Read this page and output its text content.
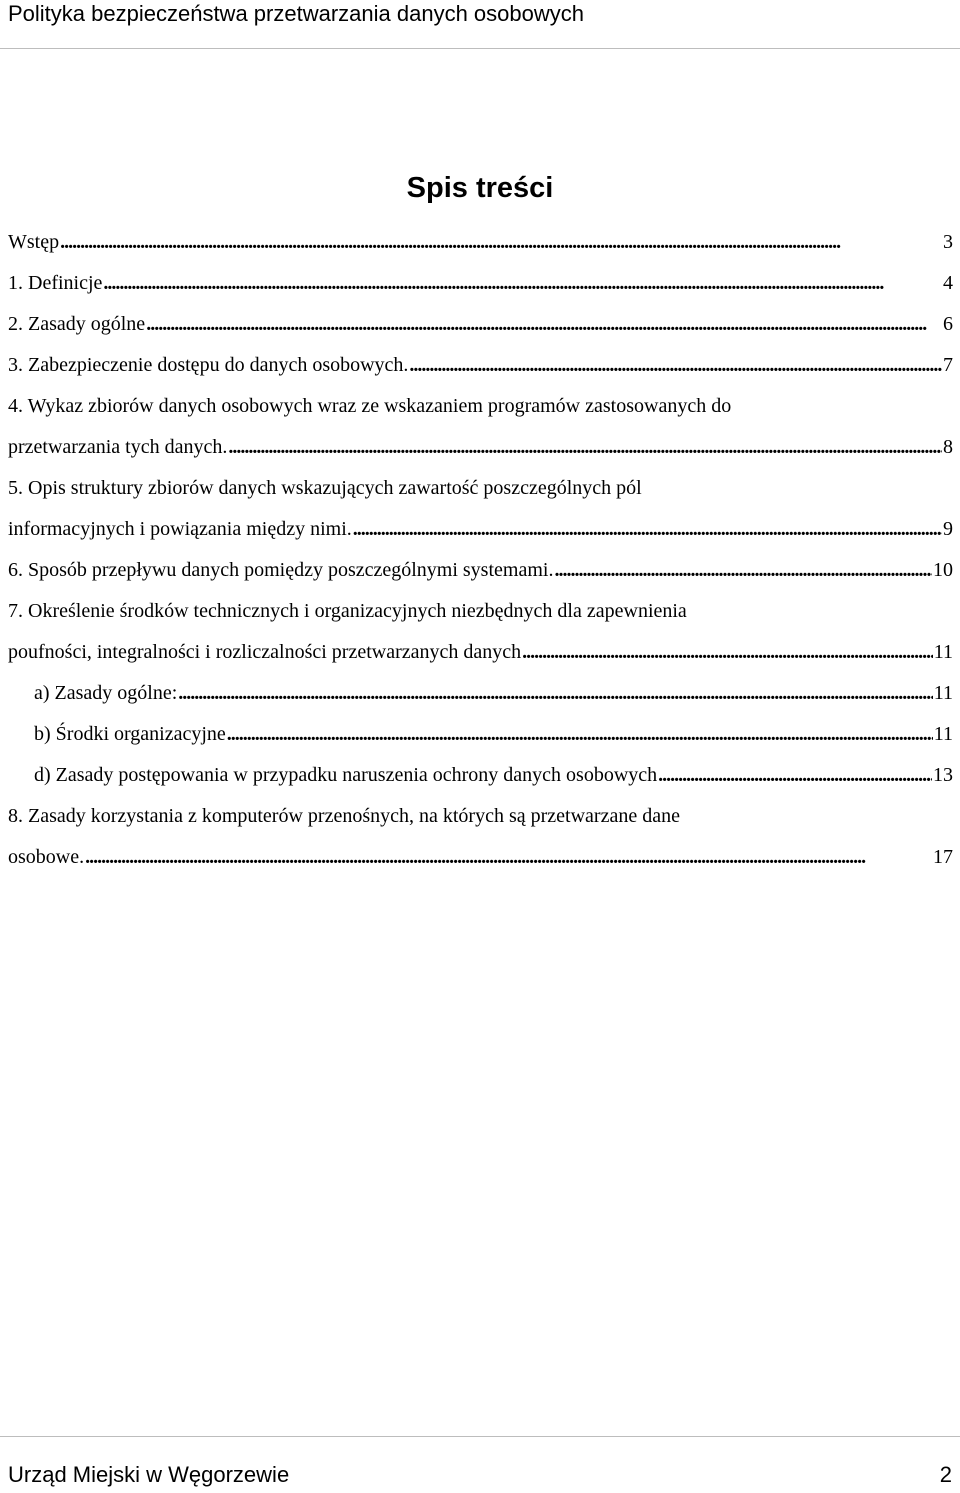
Polityka bezpieczeństwa przetwarzania danych osobowych
Spis treści
Wstęp . . .	3
1. Definicje . . .	4
2. Zasady ogólne . . .	6
3. Zabezpieczenie dostępu do danych osobowych. . . .	7
4. Wykaz zbiorów danych osobowych wraz ze wskazaniem programów zastosowanych do
przetwarzania tych danych. . . .	8
5. Opis struktury zbiorów danych wskazujących zawartość poszczególnych pól
informacyjnych i powiązania między nimi. . . .	9
6. Sposób przepływu danych pomiędzy poszczególnymi systemami. . . .	10
7. Określenie środków technicznych i organizacyjnych niezbędnych dla zapewnienia
poufności, integralności i rozliczalności przetwarzanych danych . . .	11
a) Zasady ogólne: . . .	11
b) Środki organizacyjne . . .	11
d) Zasady postępowania w przypadku naruszenia ochrony danych osobowych . . .	13
8. Zasady korzystania z komputerów przenośnych, na których są przetwarzane dane
osobowe. . . .	17
Urząd Miejski w Węgorzewie	2
